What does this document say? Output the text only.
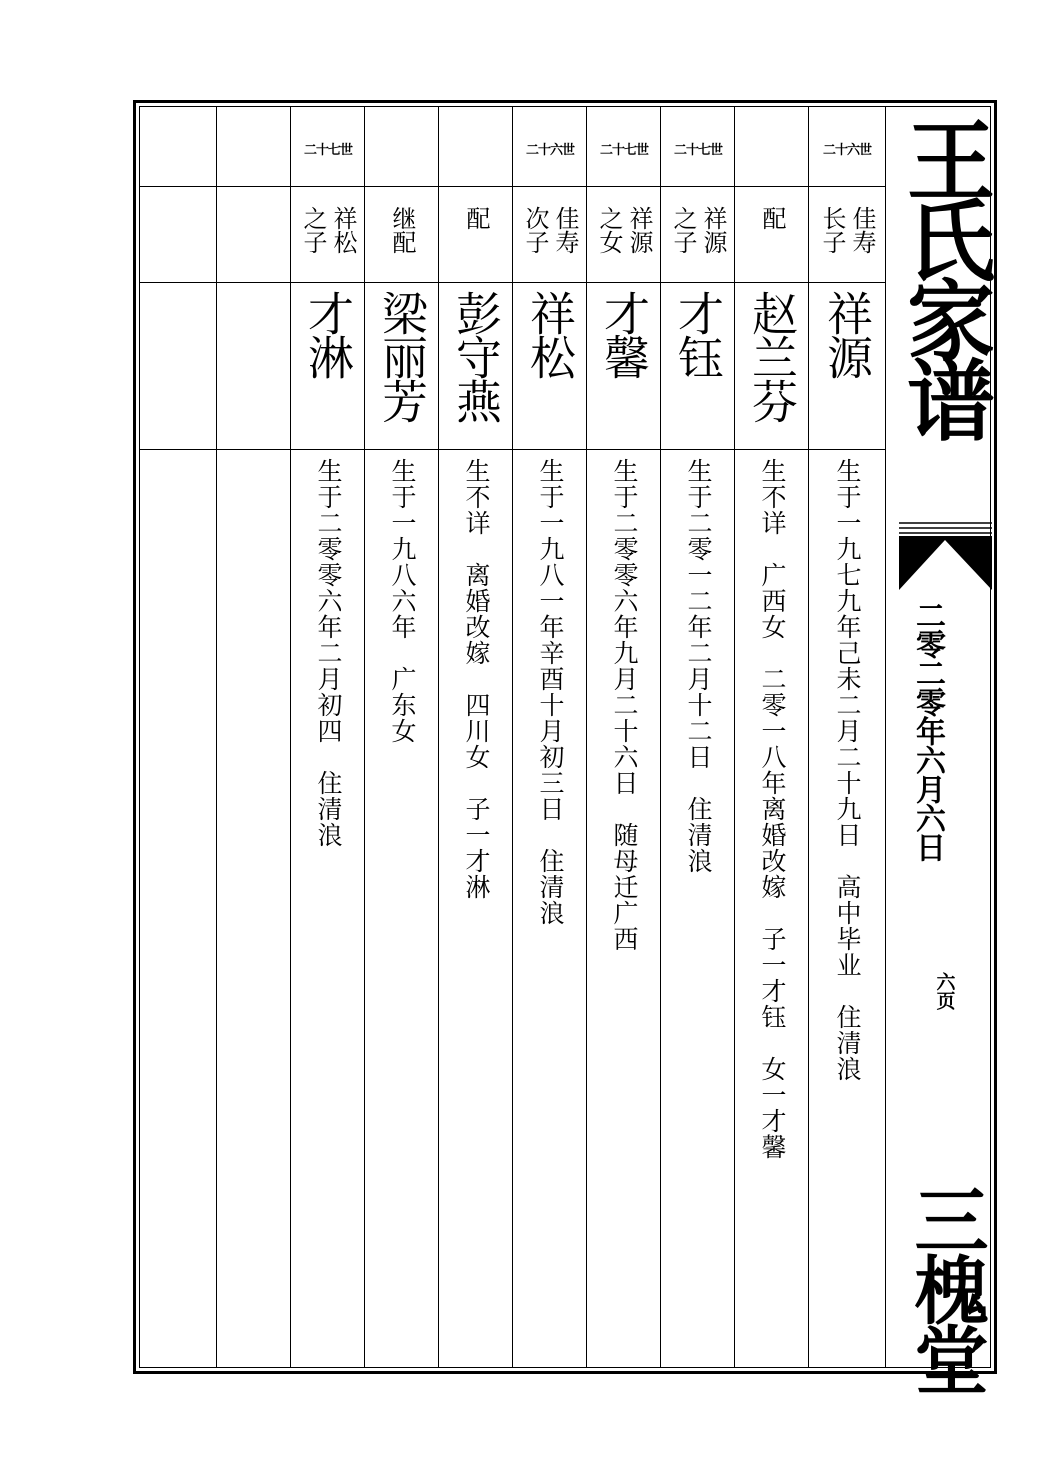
世六十二
佳寿长子
祥源
生于一九七九年己未二月二十九日　高中毕业　住清浪
配
赵兰芬
生不详　广西女　二零一八年离婚改嫁　子一才钰　女一才馨
世七十二
祥源之子
才钰
生于二零一二年二月十二日　住清浪
世七十二
祥源之女
才馨
生于二零零六年九月二十六日　随母迁广西
世六十二
佳寿次子
祥松
生于一九八一年辛酉十月初三日　住清浪
配
彭守燕
生不详　离婚改嫁　四川女　子一才淋
继配
梁丽芳
生于一九八六年　广东女
世七十二
祥松之子
才淋
生于二零零六年二月初四　住清浪
王氏家谱
二零二零年六月六日
六页
三槐堂
